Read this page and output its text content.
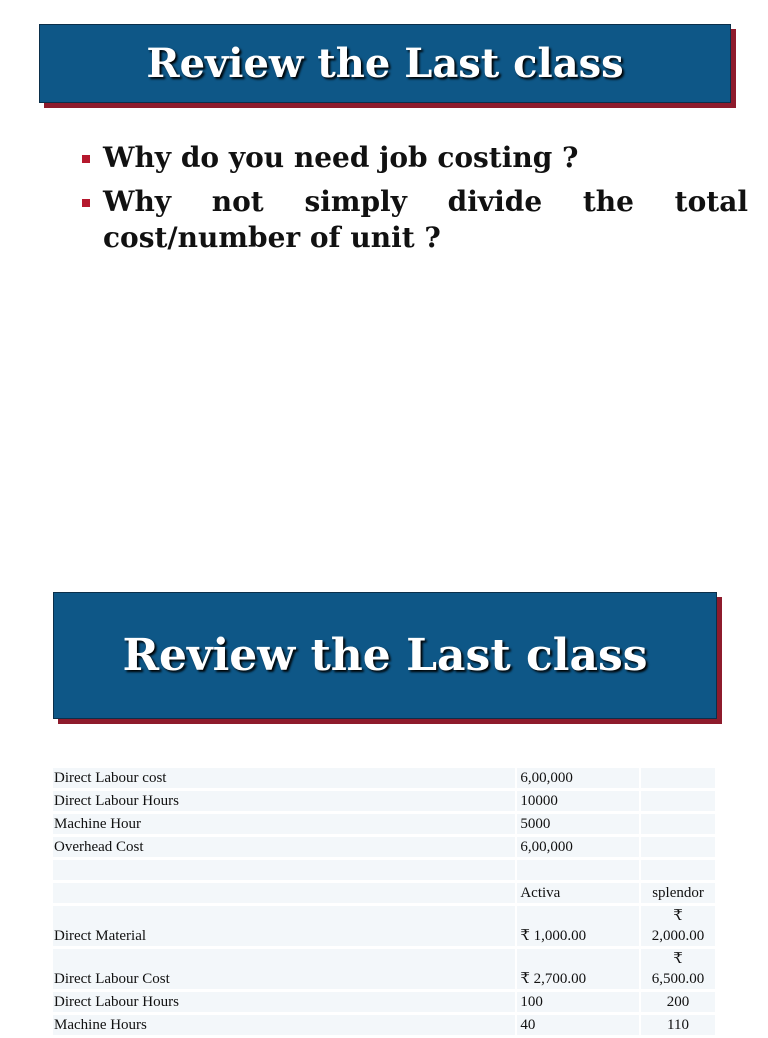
Review the Last class
Why do you need job costing ?
Why not simply divide the total cost/number of unit ?
Review the Last class
Direct Labour cost	6,00,000	
Direct Labour Hours	10000	
Machine Hour	5000	
Overhead Cost	6,00,000	

	Activa	splendor
Direct Material	₹ 1,000.00	₹
2,000.00
Direct Labour Cost	₹ 2,700.00	₹
6,500.00
Direct Labour Hours	100	200
Machine Hours	40	110
